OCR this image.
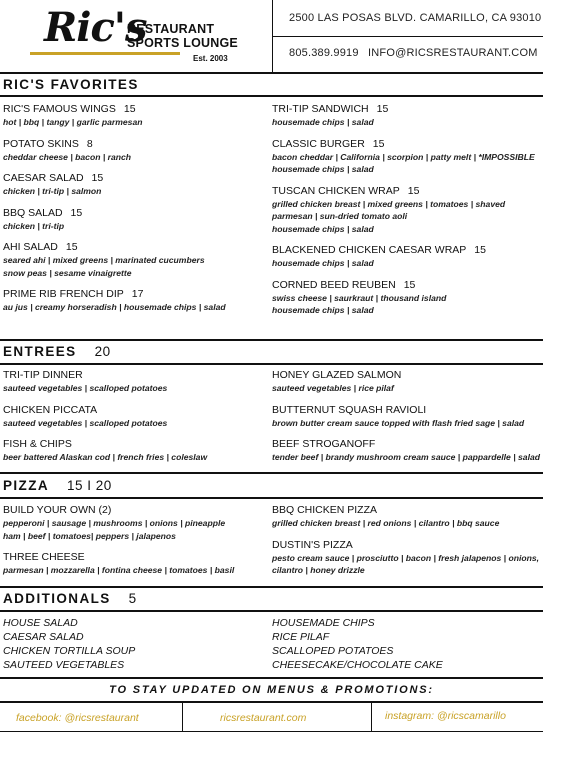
Ric's
RESTAURANT
SPORTS LOUNGE
Est. 2003
2500 LAS POSAS BLVD. CAMARILLO, CA 93010
805.389.9919 INFO@RICSRESTAURANT.COM
RIC'S FAVORITES
RIC'S FAMOUS WINGS 15
hot | bbq | tangy | garlic parmesan
POTATO SKINS 8
cheddar cheese | bacon | ranch
CAESAR SALAD 15
chicken | tri-tip | salmon
BBQ SALAD 15
chicken | tri-tip
AHI SALAD 15
seared ahi | mixed greens | marinated cucumbers
snow peas | sesame vinaigrette
PRIME RIB FRENCH DIP 17
au jus | creamy horseradish | housemade chips | salad
TRI-TIP SANDWICH 15
housemade chips | salad
CLASSIC BURGER 15
bacon cheddar | California | scorpion | patty melt | *IMPOSSIBLE
housemade chips | salad
TUSCAN CHICKEN WRAP 15
grilled chicken breast | mixed greens | tomatoes | shaved
parmesan | sun-dried tomato aoli
housemade chips | salad
BLACKENED CHICKEN CAESAR WRAP 15
housemade chips | salad
CORNED BEED REUBEN 15
swiss cheese | saurkraut | thousand island
housemade chips | salad
ENTREES 20
TRI-TIP DINNER
sauteed vegetables | scalloped potatoes
CHICKEN PICCATA
sauteed vegetables | scalloped potatoes
FISH & CHIPS
beer battered Alaskan cod | french fries | coleslaw
HONEY GLAZED SALMON
sauteed vegetables | rice pilaf
BUTTERNUT SQUASH RAVIOLI
brown butter cream sauce topped with flash fried sage | salad
BEEF STROGANOFF
tender beef | brandy mushroom cream sauce | pappardelle | salad
PIZZA 15 I 20
BUILD YOUR OWN (2)
pepperoni | sausage | mushrooms | onions | pineapple
ham | beef | tomatoes| peppers | jalapenos
THREE CHEESE
parmesan | mozzarella | fontina cheese | tomatoes | basil
BBQ CHICKEN PIZZA
grilled chicken breast | red onions | cilantro | bbq sauce
DUSTIN'S PIZZA
pesto cream sauce | prosciutto | bacon | fresh jalapenos | onions,
cilantro | honey drizzle
ADDITIONALS 5
HOUSE SALAD
CAESAR SALAD
CHICKEN TORTILLA SOUP
SAUTEED VEGETABLES
HOUSEMADE CHIPS
RICE PILAF
SCALLOPED POTATOES
CHEESECAKE/CHOCOLATE CAKE
TO STAY UPDATED ON MENUS & PROMOTIONS:
facebook: @ricsrestaurant	ricsrestaurant.com	instagram: @ricscamarillo
